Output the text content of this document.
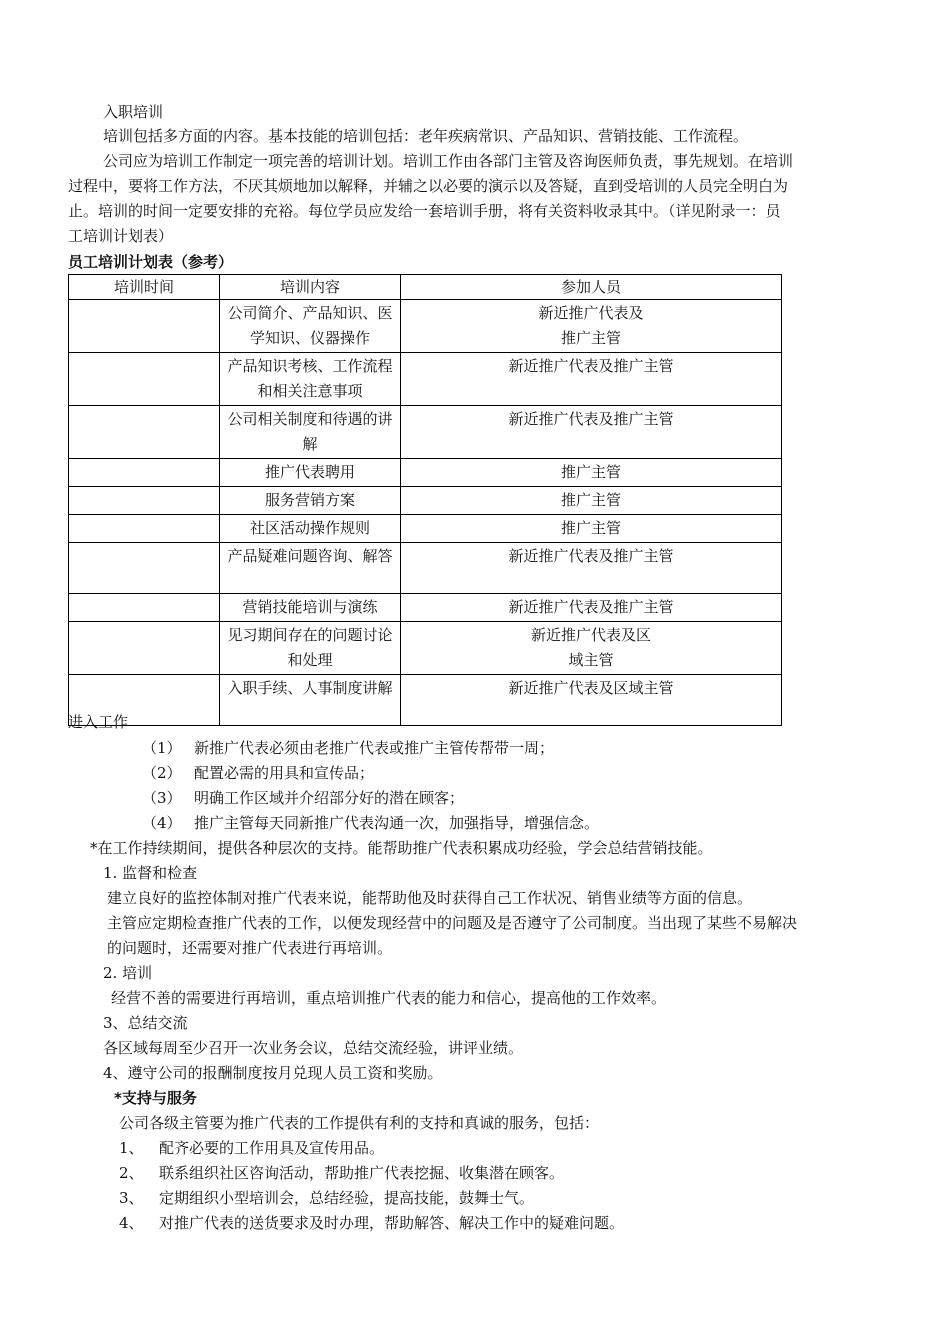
入职培训
培训包括多方面的内容。基本技能的培训包括：老年疾病常识、产品知识、营销技能、工作流程。
公司应为培训工作制定一项完善的培训计划。培训工作由各部门主管及咨询医师负责，事先规划。在培训
过程中，要将工作方法，不厌其烦地加以解释，并辅之以必要的演示以及答疑，直到受培训的人员完全明白为
止。培训的时间一定要安排的充裕。每位学员应发给一套培训手册，将有关资料收录其中。（详见附录一：员
工培训计划表）
员工培训计划表（参考）
培训时间	培训内容	参加人员
	公司简介、产品知识、医学知识、仪器操作	新近推广代表及
推广主管
	产品知识考核、工作流程和相关注意事项	新近推广代表及推广主管
	公司相关制度和待遇的讲解	新近推广代表及推广主管
	推广代表聘用	推广主管
	服务营销方案	推广主管
	社区活动操作规则	推广主管
	产品疑难问题咨询、解答	新近推广代表及推广主管
	营销技能培训与演练	新近推广代表及推广主管
	见习期间存在的问题讨论和处理	新近推广代表及区
域主管
	入职手续、人事制度讲解	新近推广代表及区域主管
进入工作
（1） 新推广代表必须由老推广代表或推广主管传帮带一周；
（2） 配置必需的用具和宣传品；
（3） 明确工作区域并介绍部分好的潜在顾客；
（4） 推广主管每天同新推广代表沟通一次，加强指导，增强信念。
*在工作持续期间，提供各种层次的支持。能帮助推广代表积累成功经验，学会总结营销技能。
1. 监督和检查
建立良好的监控体制对推广代表来说，能帮助他及时获得自己工作状况、销售业绩等方面的信息。
主管应定期检查推广代表的工作，以便发现经营中的问题及是否遵守了公司制度。当出现了某些不易解决
的问题时，还需要对推广代表进行再培训。
2. 培训
经营不善的需要进行再培训，重点培训推广代表的能力和信心，提高他的工作效率。
3、总结交流
各区域每周至少召开一次业务会议，总结交流经验，讲评业绩。
4、遵守公司的报酬制度按月兑现人员工资和奖励。
*支持与服务
公司各级主管要为推广代表的工作提供有利的支持和真诚的服务，包括：
1、 配齐必要的工作用具及宣传用品。
2、 联系组织社区咨询活动，帮助推广代表挖掘、收集潜在顾客。
3、 定期组织小型培训会，总结经验，提高技能，鼓舞士气。
4、 对推广代表的送货要求及时办理，帮助解答、解决工作中的疑难问题。
